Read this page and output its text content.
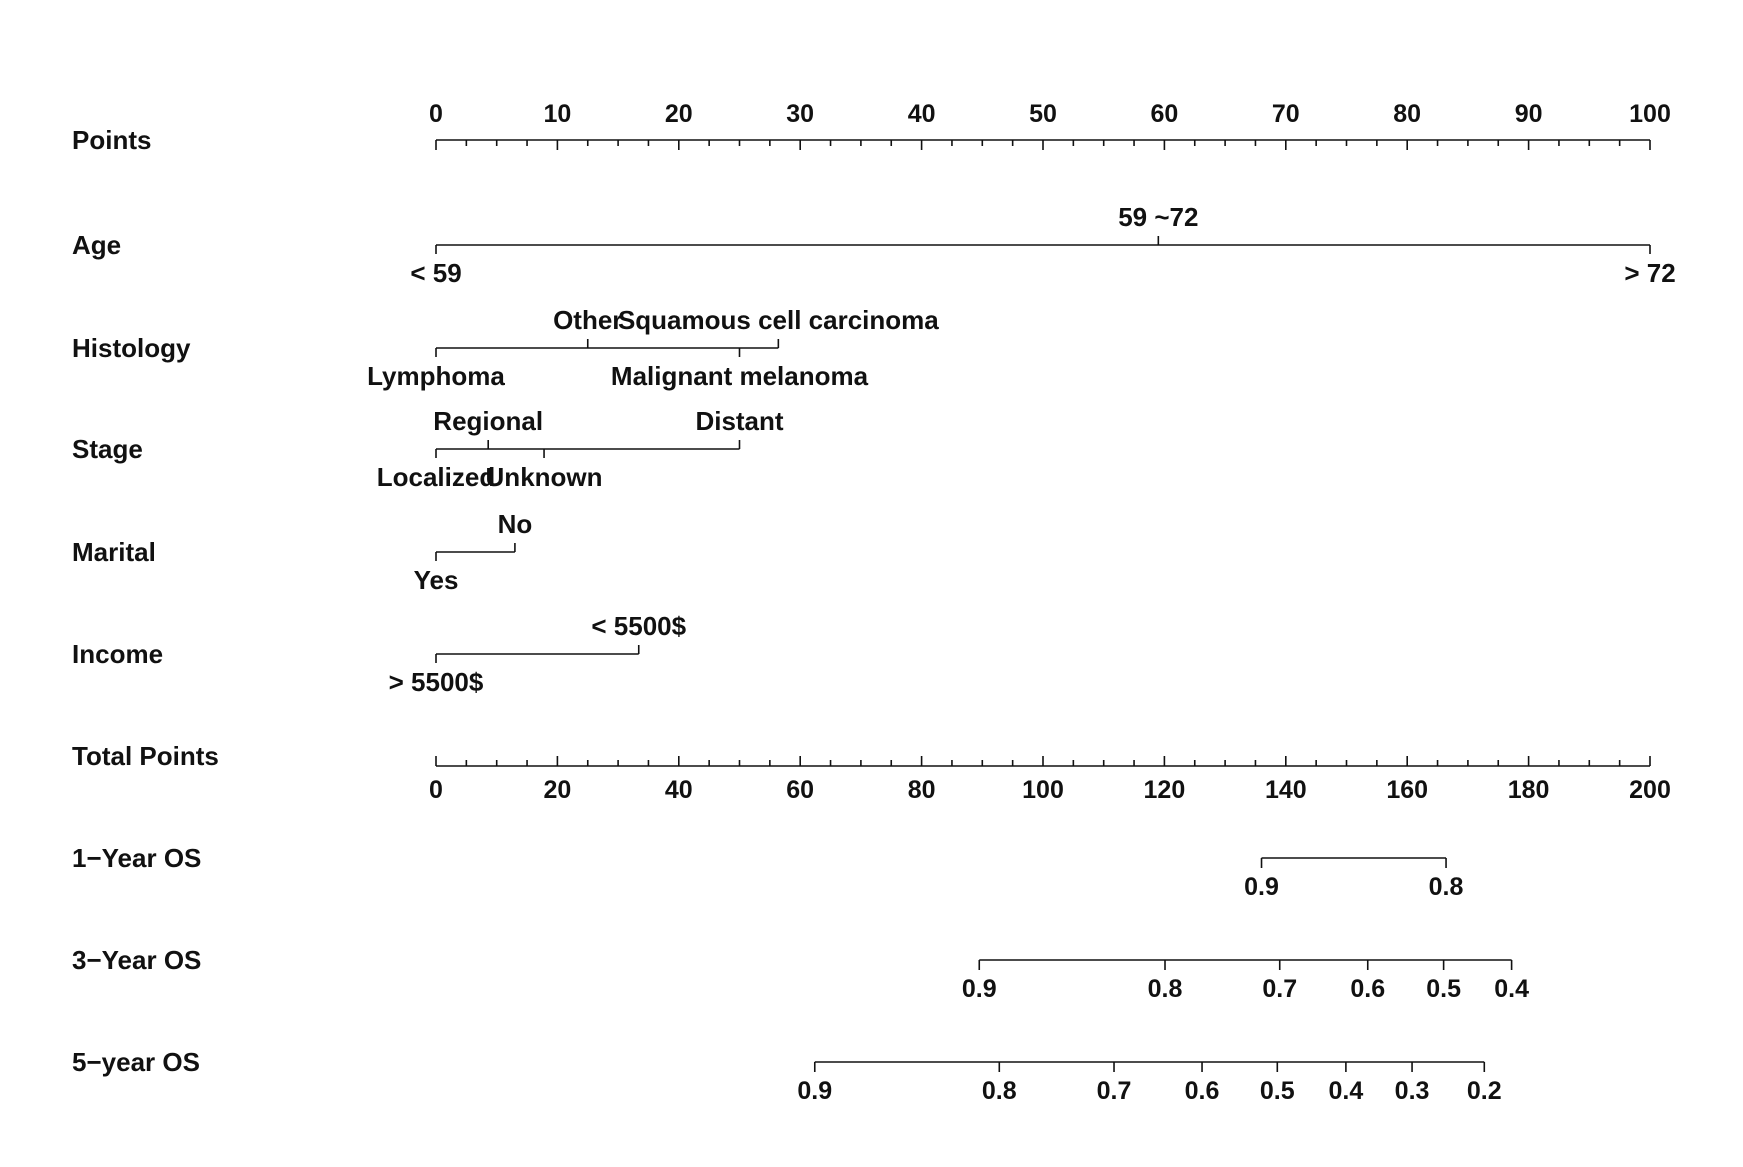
Points
0	10	20	30	40	50	60	70	80	90	100
Age
< 59
59 ~72
> 72
Histology
Lymphoma
Other
Malignant melanoma
Squamous cell carcinoma
Stage
Localized
Regional
Unknown
Distant
Marital
Yes
No
Income
> 5500$
< 5500$
Total Points
0	20	40	60	80	100	120	140	160	180	200
1−Year OS
0.9	0.8
3−Year OS
0.9	0.8	0.7 0.6 0.5 0.4
5−year OS
0.9	0.8	0.7 0.6 0.5 0.4 0.3 0.2
